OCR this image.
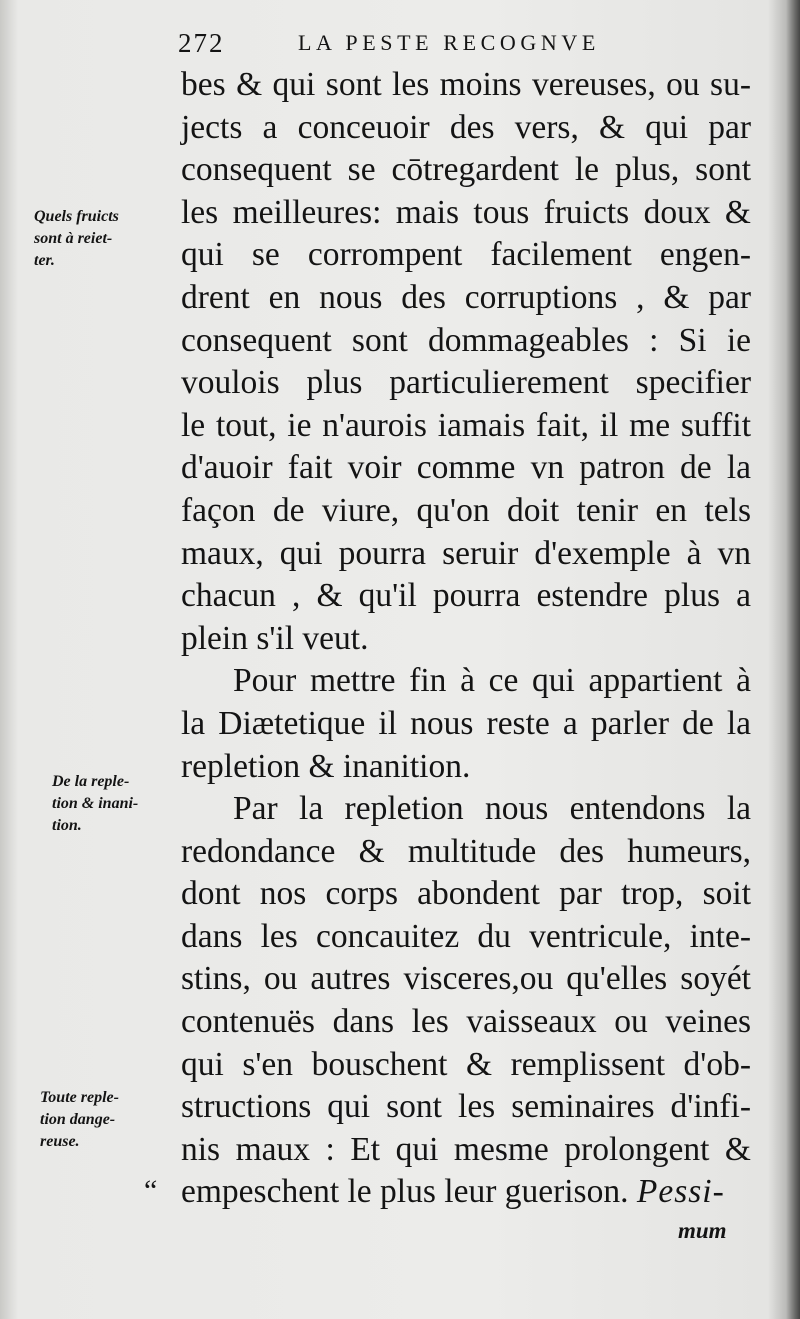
272	LA PESTE RECOGNVE
Quels fruicts
sont à reiet-
ter.
De la reple-
tion & inani-
tion.
Toute reple-
tion dange-
reuse.
bes & qui sont les moins vereuses, ou su-
jects a conceuoir des vers, & qui par
consequent se cōtregardent le plus, sont
les meilleures: mais tous fruicts doux &
qui se corrompent facilement engen-
drent en nous des corruptions , & par
consequent sont dommageables : Si ie
voulois plus particulierement specifier
le tout, ie n'aurois iamais fait, il me suffit
d'auoir fait voir comme vn patron de la
façon de viure, qu'on doit tenir en tels
maux, qui pourra seruir d'exemple à vn
chacun , & qu'il pourra estendre plus a
plein s'il veut.
Pour mettre fin à ce qui appartient à
la Diætetique il nous reste a parler de la
repletion & inanition.
Par la repletion nous entendons la
redondance & multitude des humeurs,
dont nos corps abondent par trop, soit
dans les concauitez du ventricule, inte-
stins, ou autres visceres,ou qu'elles soyét
contenuës dans les vaisseaux ou veines
qui s'en bouschent & remplissent d'ob-
structions qui sont les seminaires d'infi-
nis maux : Et qui mesme prolongent &
empeschent le plus leur guerison. Pessi-
“
mum
